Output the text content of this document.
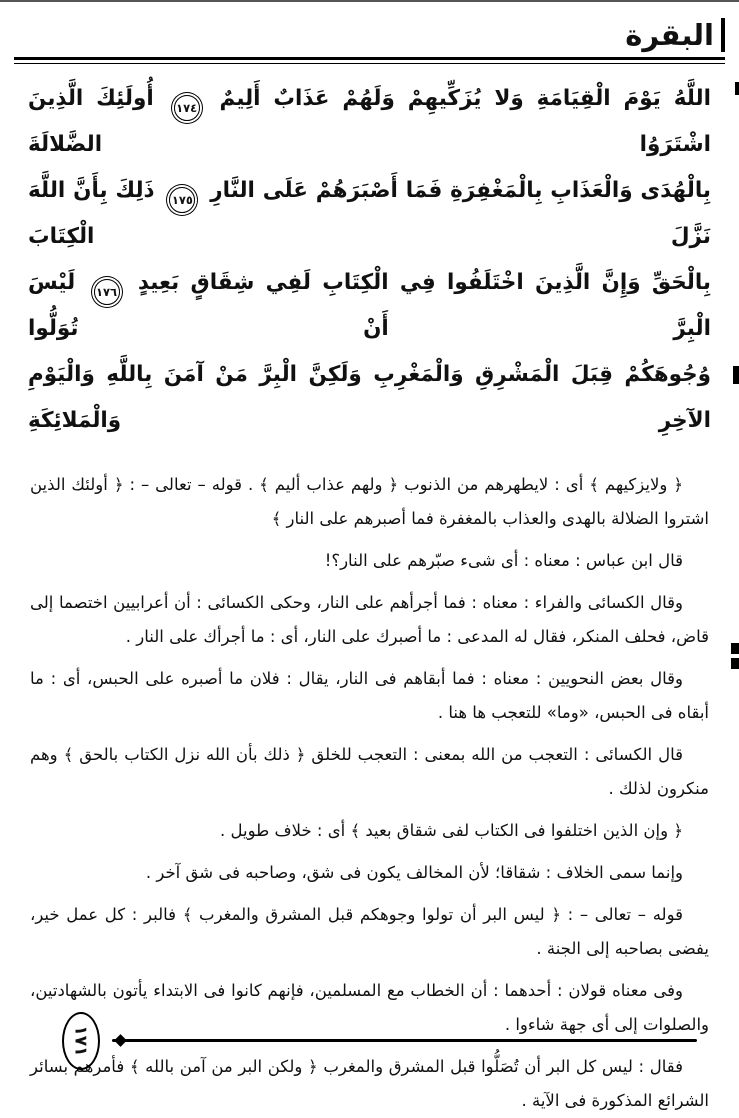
البقرة
اللَّهُ يَوْمَ الْقِيَامَةِ وَلا يُزَكِّيهِمْ وَلَهُمْ عَذَابٌ أَلِيمٌ ١٧٤ أُولَئِكَ الَّذِينَ اشْتَرَوُا الضَّلالَةَ
بِالْهُدَى وَالْعَذَابِ بِالْمَغْفِرَةِ فَمَا أَصْبَرَهُمْ عَلَى النَّارِ ١٧٥ ذَلِكَ بِأَنَّ اللَّهَ نَزَّلَ الْكِتَابَ
بِالْحَقِّ وَإِنَّ الَّذِينَ اخْتَلَفُوا فِي الْكِتَابِ لَفِي شِقَاقٍ بَعِيدٍ ١٧٦ لَيْسَ الْبِرَّ أَنْ تُوَلُّوا
وُجُوهَكُمْ قِبَلَ الْمَشْرِقِ وَالْمَغْرِبِ وَلَكِنَّ الْبِرَّ مَنْ آمَنَ بِاللَّهِ وَالْيَوْمِ الآخِرِ وَالْمَلائِكَةِ

﴿ ولايزكيهم ﴾ أى : لايطهرهم من الذنوب ﴿ ولهم عذاب أليم ﴾ . قوله – تعالى – : ﴿ أولئك الذين اشتروا الضلالة بالهدى والعذاب بالمغفرة فما أصبرهم على النار ﴾

قال ابن عباس : معناه : أى شىء صبّرهم على النار؟!

وقال الكسائى والفراء : معناه : فما أجرأهم على النار، وحكى الكسائى : أن أعرابيين اختصما إلى قاض، فحلف المنكر، فقال له المدعى : ما أصبرك على النار، أى : ما أجرأك على النار .

وقال بعض النحويين : معناه : فما أبقاهم فى النار، يقال : فلان ما أصبره على الحبس، أى : ما أبقاه فى الحبس، «وما» للتعجب ها هنا .

قال الكسائى : التعجب من الله بمعنى : التعجب للخلق ﴿ ذلك بأن الله نزل الكتاب بالحق ﴾ وهم منكرون لذلك .

﴿ وإن الذين اختلفوا فى الكتاب لفى شقاق بعيد ﴾ أى : خلاف طويل .

وإنما سمى الخلاف : شقاقا؛ لأن المخالف يكون فى شق، وصاحبه فى شق آخر .

قوله – تعالى – : ﴿ ليس البر أن تولوا وجوهكم قبل المشرق والمغرب ﴾ فالبر : كل عمل خير، يفضى بصاحبه إلى الجنة .

وفى معناه قولان : أحدهما : أن الخطاب مع المسلمين، فإنهم كانوا فى الابتداء يأتون بالشهادتين، والصلوات إلى أى جهة شاءوا .

فقال : ليس كل البر أن تُصَلُّوا قبل المشرق والمغرب ﴿ ولكن البر من آمن بالله ﴾ فأمرهم بسائر الشرائع المذكورة فى الآية .

١٧١
